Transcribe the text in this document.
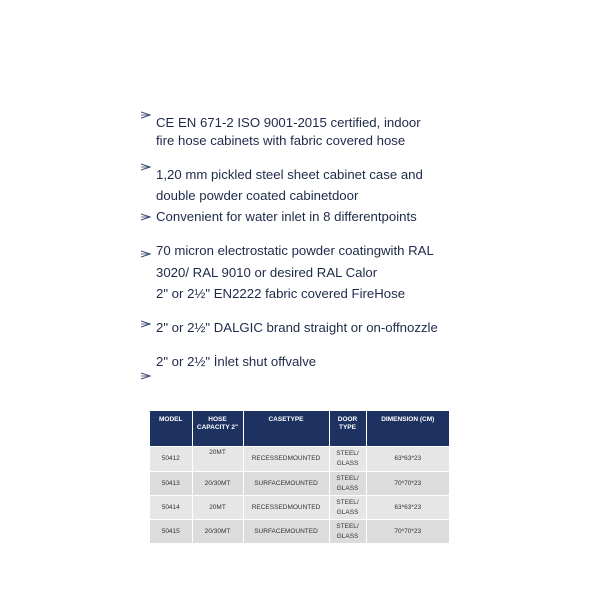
CE EN 671-2 ISO 9001-2015 certified, indoor
fire hose cabinets with fabric covered hose
1,20 mm pickled steel sheet cabinet case and
double powder coated cabinetdoor
Convenient for water inlet in 8 differentpoints
70 micron electrostatic powder coatingwith RAL
3020/ RAL 9010 or desired RAL Calor
2" or 2½" EN2222 fabric covered FireHose
2" or 2½" DALGIC brand straight or on-offnozzle
2" or 2½" İnlet shut offvalve
MODEL	HOSE CAPACITY 2"	CASETYPE	DOOR TYPE	DIMENSION (CM)
50412	20MT	RECESSEDMOUNTED	STEEL/ GLASS	63*63*23
50413	20/30MT	SURFACEMOUNTED	STEEL/ GLASS	70*70*23
50414	20MT	RECESSEDMOUNTED	STEEL/ GLASS	63*63*23
50415	20/30MT	SURFACEMOUNTED	STEEL/ GLASS	70*70*23
